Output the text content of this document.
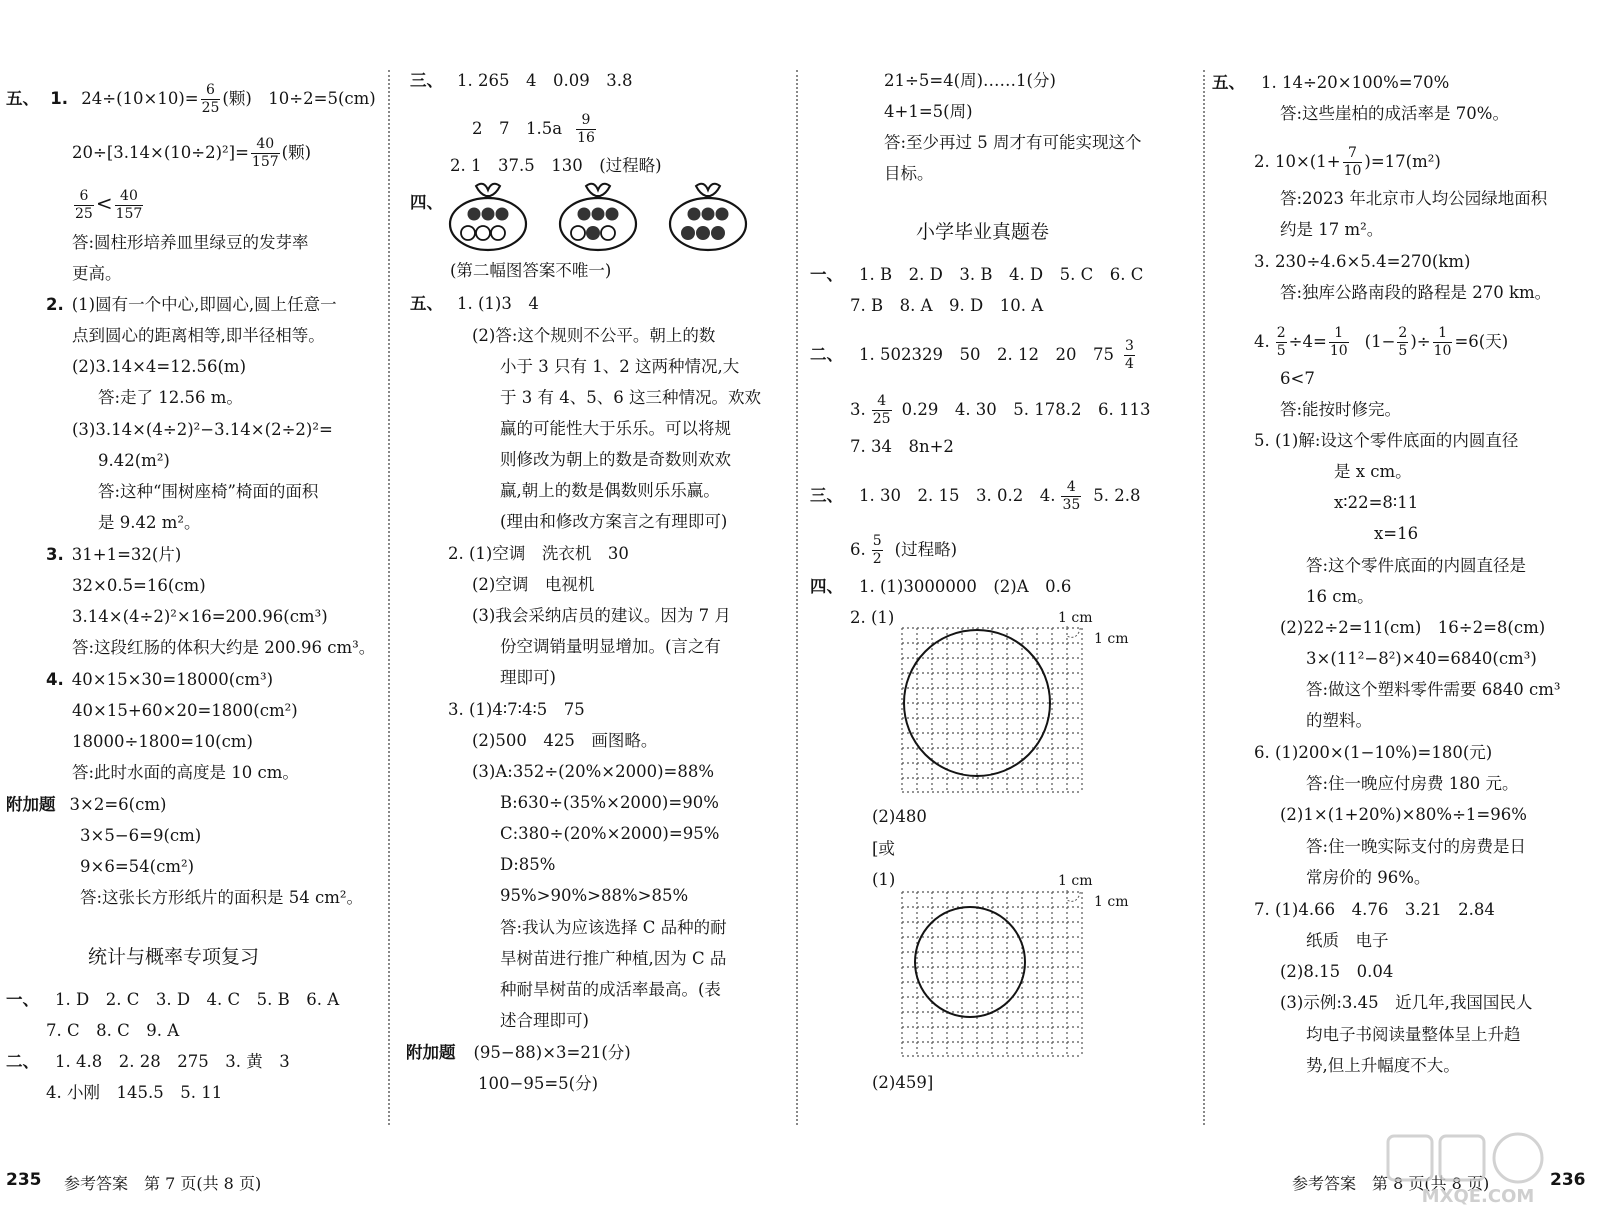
五、 1. $24\div(10\times 10)= \frac{6}{25}$ (颗)　10÷2=5(cm)
$20\div[3.14\times(10\div 2)^2]= \frac{40}{157}$ (颗)
$\frac{6}{25} < \frac{40}{157}$
答:圆柱形培养皿里绿豆的发芽率
更高。
2. (1)圆有一个中心,即圆心,圆上任意一
点到圆心的距离相等,即半径相等。
(2)3.14×4=12.56(m)
答:走了 12.56 m。
(3)3.14×(4÷2)²−3.14×(2÷2)²=
9.42(m²)
答:这种“围树座椅”椅面的面积
是 9.42 m²。
3. 31+1=32(片)
32×0.5=16(cm)
3.14×(4÷2)²×16=200.96(cm³)
答:这段红肠的体积大约是 200.96 cm³。
4. 40×15×30=18000(cm³)
40×15+60×20=1800(cm²)
18000÷1800=10(cm)
答:此时水面的高度是 10 cm。
附加题 3×2=6(cm)
3×5−6=9(cm)
9×6=54(cm²)
答:这张长方形纸片的面积是 54 cm²。
统计与概率专项复习
一、 1. D　2. C　3. D　4. C　5. B　6. A
7. C　8. C　9. A
二、 1. 4.8　2. 28　275　3. 黄　3
4. 小刚　145.5　5. 11
三、 1. 265　4　0.09　3.8
2　7　$1.5a \frac{9}{16}$
2. 1　37.5　130　(过程略)
四、
(第二幅图答案不唯一)
五、 1. (1)3　4
(2)答:这个规则不公平。朝上的数
小于 3 只有 1、2 这两种情况,大
于 3 有 4、5、6 这三种情况。欢欢
赢的可能性大于乐乐。可以将规
则修改为朝上的数是奇数则欢欢
赢,朝上的数是偶数则乐乐赢。
(理由和修改方案言之有理即可)
2. (1)空调　洗衣机　30
(2)空调　电视机
(3)我会采纳店员的建议。因为 7 月
份空调销量明显增加。(言之有
理即可)
3. (1)4∶7∶4∶5　75
(2)500　425　画图略。
(3)A:352÷(20%×2000)=88%
B:630÷(35%×2000)=90%
C:380÷(20%×2000)=95%
D:85%
95%>90%>88%>85%
答:我认为应该选择 C 品种的耐
旱树苗进行推广种植,因为 C 品
种耐旱树苗的成活率最高。(表
述合理即可)
附加题 (95−88)×3=21(分)
100−95=5(分)
21÷5=4(周)……1(分)
4+1=5(周)
答:至少再过 5 周才有可能实现这个
目标。
小学毕业真题卷
一、 1. B　2. D　3. B　4. D　5. C　6. C
7. B　8. A　9. D　10. A
二、 1. 502329　50　2. 12　20　$75 \frac{3}{4}$
3. $\frac{4}{25} 0.29$　4. 30　5. 178.2　6. 113
7. 34　8n+2
三、 1. 30　2. 15　3. 0.2　4. $\frac{4}{35} 5$. 2.8
6. $\frac{5}{2}$ (过程略)
四、 1. (1)3000000　(2)A　0.6
2. (1)	1 cm
1 cm
(2)480
[或
(1)	1 cm
1 cm
(2)459]
五、 1. 14÷20×100%=70%
答:这些崖柏的成活率是 70%。
2. $10\times(1+ \frac{7}{10} )=17(m^2)$
答:2023 年北京市人均公园绿地面积
约是 17 m²。
3. 230÷4.6×5.4=270(km)
答:独库公路南段的路程是 270 km。
4. $\frac{2}{5} \div 4= \frac{1}{10} (1- \frac{2}{5}$ )÷ $\frac{1}{10} =6$(天)
6<7
答:能按时修完。
5. (1)解:设这个零件底面的内圆直径
是 x cm。
x∶22=8∶11
x=16
答:这个零件底面的内圆直径是
16 cm。
(2)22÷2=11(cm)　16÷2=8(cm)
3×(11²−8²)×40=6840(cm³)
答:做这个塑料零件需要 6840 cm³
的塑料。
6. (1)200×(1−10%)=180(元)
答:住一晚应付房费 180 元。
(2)1×(1+20%)×80%÷1=96%
答:住一晚实际支付的房费是日
常房价的 96%。
7. (1)4.66　4.76　3.21　2.84
纸质　电子
(2)8.15　0.04
(3)示例:3.45　近几年,我国国民人
均电子书阅读量整体呈上升趋
势,但上升幅度不大。
235 参考答案　第 7 页(共 8 页)	参考答案　第 8 页(共 8 页)	236
MXQE.COM
